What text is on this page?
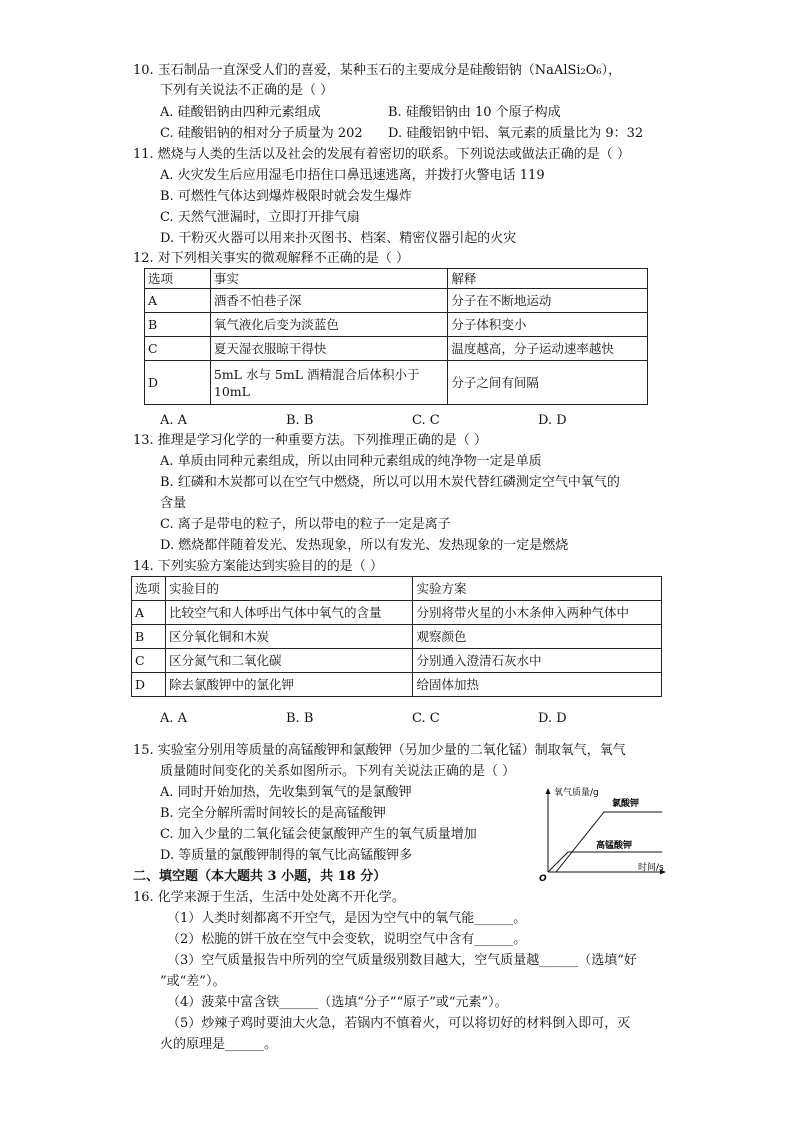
10. 玉石制品一直深受人们的喜爱，某种玉石的主要成分是硅酸铝钠（NaAlSi₂O₆），
下列有关说法不正确的是（ ）
A. 硅酸铝钠由四种元素组成	B. 硅酸铝钠由 10 个原子构成
C. 硅酸铝钠的相对分子质量为 202 D. 硅酸铝钠中铝、氧元素的质量比为 9：32
11. 燃烧与人类的生活以及社会的发展有着密切的联系。下列说法或做法正确的是（ ）
A. 火灾发生后应用湿毛巾捂住口鼻迅速逃离，并拨打火警电话 119
B. 可燃性气体达到爆炸极限时就会发生爆炸
C. 天然气泄漏时，立即打开排气扇
D. 干粉灭火器可以用来扑灭图书、档案、精密仪器引起的火灾
12. 对下列相关事实的微观解释不正确的是（ ）
选项	事实	解释
A	酒香不怕巷子深	分子在不断地运动
B	氧气液化后变为淡蓝色	分子体积变小
C	夏天湿衣服晾干得快	温度越高，分子运动速率越快
D	5mL 水与 5mL 酒精混合后体积小于 10mL	分子之间有间隔
A. A	B. B	C. C	D. D
13. 推理是学习化学的一种重要方法。下列推理正确的是（ ）
A. 单质由同种元素组成，所以由同种元素组成的纯净物一定是单质
B. 红磷和木炭都可以在空气中燃烧，所以可以用木炭代替红磷测定空气中氧气的
含量
C. 离子是带电的粒子，所以带电的粒子一定是离子
D. 燃烧都伴随着发光、发热现象，所以有发光、发热现象的一定是燃烧
14. 下列实验方案能达到实验目的的是（ ）
选项	实验目的	实验方案
A	比较空气和人体呼出气体中氧气的含量	分别将带火星的小木条伸入两种气体中
B	区分氧化铜和木炭	观察颜色
C	区分氮气和二氧化碳	分别通入澄清石灰水中
D	除去氯酸钾中的氯化钾	给固体加热
A. A	B. B	C. C	D. D
15. 实验室分别用等质量的高锰酸钾和氯酸钾（另加少量的二氧化锰）制取氧气，氧气
质量随时间变化的关系如图所示。下列有关说法正确的是（ ）
A. 同时开始加热，先收集到氧气的是氯酸钾
B. 完全分解所需时间较长的是高锰酸钾
C. 加入少量的二氧化锰会使氯酸钾产生的氧气质量增加
D. 等质量的氯酸钾制得的氧气比高锰酸钾多
氧气质量/g
时间/s
O
氯酸钾
高锰酸钾
二、填空题（本大题共 3 小题，共 18 分）
16. 化学来源于生活，生活中处处离不开化学。
（1）人类时刻都离不开空气，是因为空气中的氧气能______。
（2）松脆的饼干放在空气中会变软，说明空气中含有______。
（3）空气质量报告中所列的空气质量级别数目越大，空气质量越______（选填“好
”或“差”）。
（4）菠菜中富含铁______（选填“分子”“原子”或“元素”）。
（5）炒辣子鸡时要油大火急，若锅内不慎着火，可以将切好的材料倒入即可，灭
火的原理是______。
